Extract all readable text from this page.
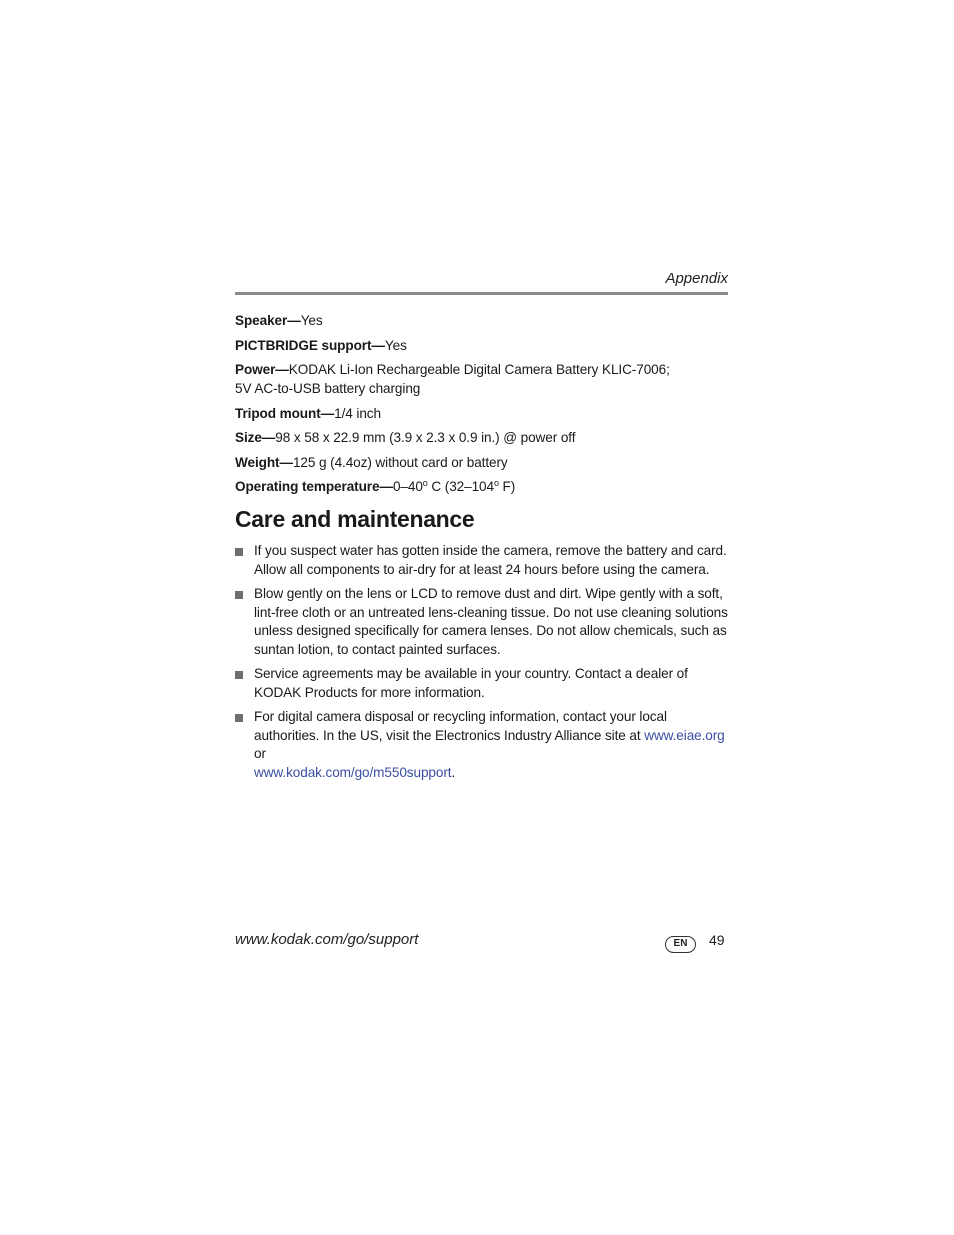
Appendix

Speaker—Yes

PICTBRIDGE support—Yes

Power—KODAK Li-Ion Rechargeable Digital Camera Battery KLIC-7006; 5V AC-to-USB battery charging

Tripod mount—1/4 inch

Size—98 x 58 x 22.9 mm (3.9 x 2.3 x 0.9 in.) @ power off

Weight—125 g (4.4oz) without card or battery

Operating temperature—0–40$^o$ C (32–104$^o$ F)

Care and maintenance
If you suspect water has gotten inside the camera, remove the battery and card. Allow all components to air-dry for at least 24 hours before using the camera.
Blow gently on the lens or LCD to remove dust and dirt. Wipe gently with a soft, lint-free cloth or an untreated lens-cleaning tissue. Do not use cleaning solutions unless designed specifically for camera lenses. Do not allow chemicals, such as suntan lotion, to contact painted surfaces.
Service agreements may be available in your country. Contact a dealer of KODAK Products for more information.
For digital camera disposal or recycling information, contact your local authorities. In the US, visit the Electronics Industry Alliance site at www.eiae.org or
www.kodak.com/go/m550support.
www.kodak.com/go/support	EN	49
